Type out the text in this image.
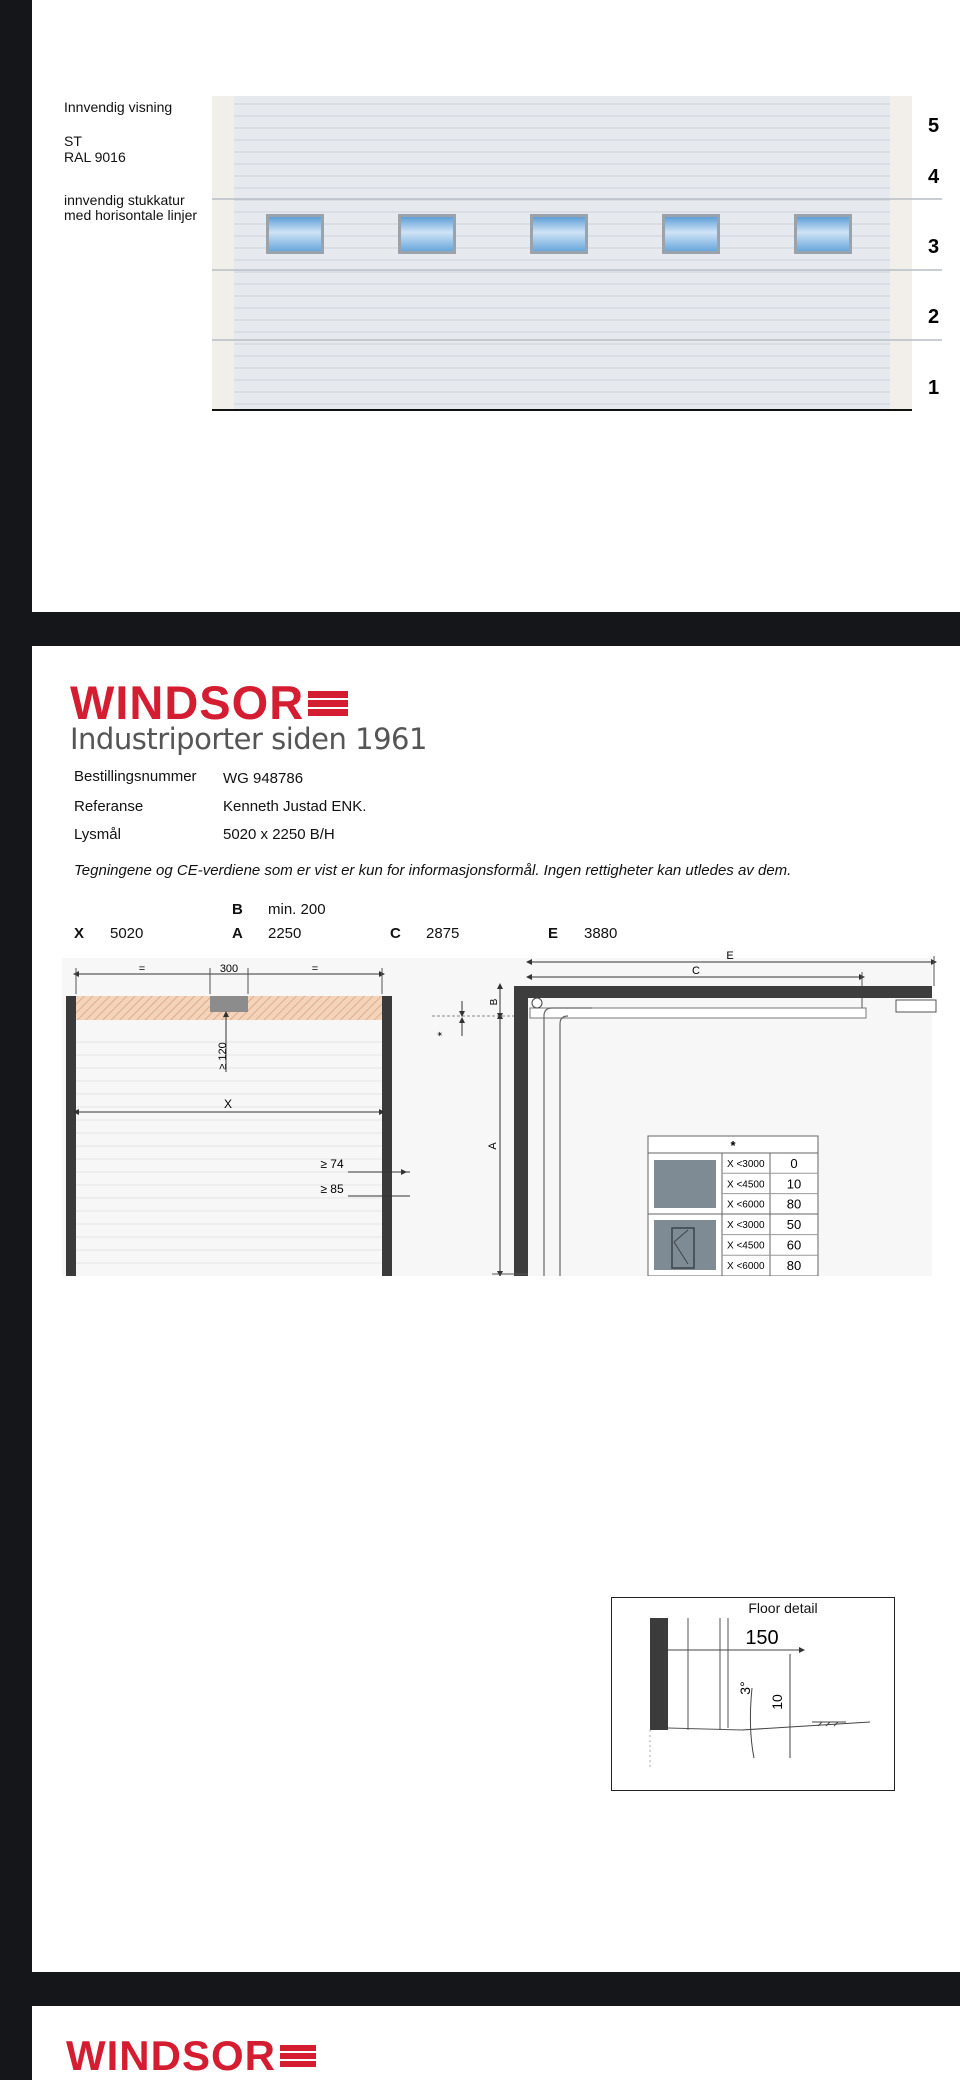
Innvendig visning
ST
RAL 9016
innvendig stukkatur
med horisontale linjer
5
4
3
2
1
WINDSOR
Industriporter siden 1961
Bestillingsnummer WG 948786
Referanse	Kenneth Justad ENK.
Lysmål	5020 x 2250 B/H
Tegningene og CE-verdiene som er vist er kun for informasjonsformål. Ingen rettigheter kan utledes av dem.
B min. 200
X 5020	A 2250	C 2875	E 3880
=	300	=
≥ 120
X
≥ 74
≥ 85
E
C
B
*
A	*
X <3000 0
X <4500 10
X <6000 80
X <3000 50
X <4500 60
X <6000 80
Floor detail
150
3°
10
WINDSOR
